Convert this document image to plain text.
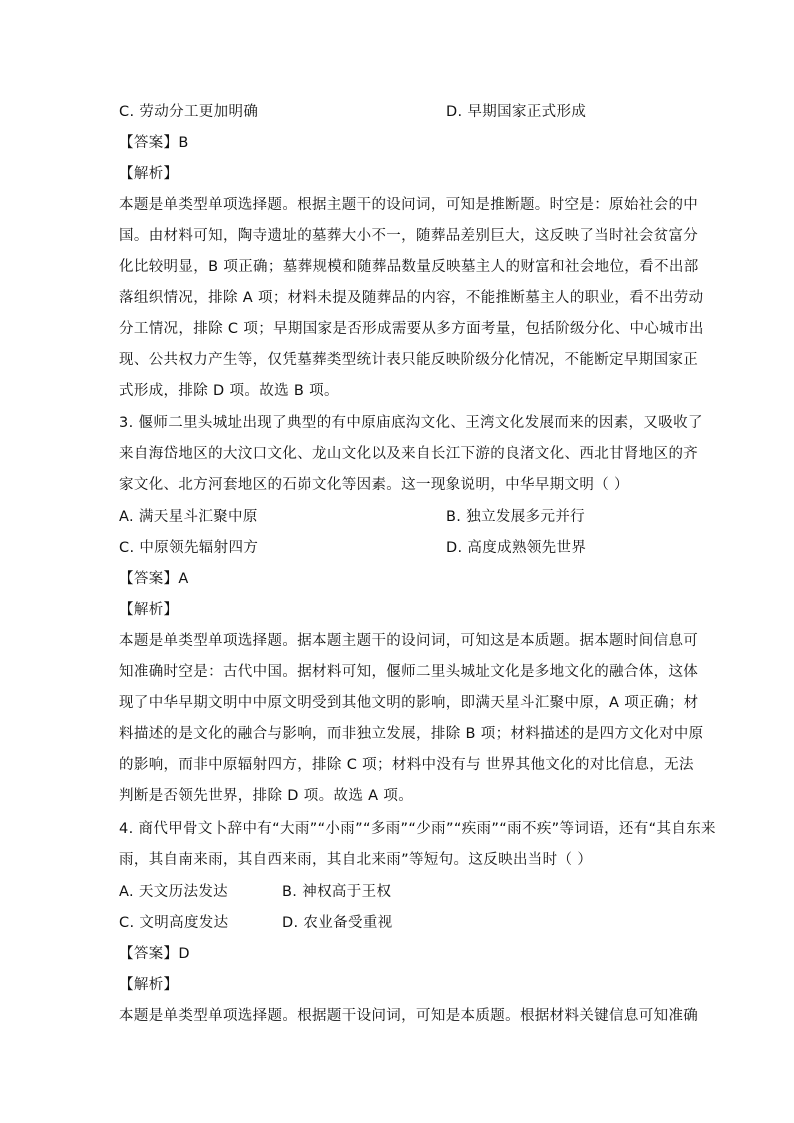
C. 劳动分工更加明确	D. 早期国家正式形成
【答案】B
【解析】
本题是单类型单项选择题。根据主题干的设问词，可知是推断题。时空是：原始社会的中
国。由材料可知，陶寺遗址的墓葬大小不一，随葬品差别巨大，这反映了当时社会贫富分
化比较明显，B 项正确；墓葬规模和随葬品数量反映墓主人的财富和社会地位，看不出部
落组织情况，排除 A 项；材料未提及随葬品的内容，不能推断墓主人的职业，看不出劳动
分工情况，排除 C 项；早期国家是否形成需要从多方面考量，包括阶级分化、中心城市出
现、公共权力产生等，仅凭墓葬类型统计表只能反映阶级分化情况，不能断定早期国家正
式形成，排除 D 项。故选 B 项。
3. 偃师二里头城址出现了典型的有中原庙底沟文化、王湾文化发展而来的因素，又吸收了
来自海岱地区的大汶口文化、龙山文化以及来自长江下游的良渚文化、西北甘肾地区的齐
家文化、北方河套地区的石峁文化等因素。这一现象说明，中华早期文明（ ）
A. 满天星斗汇聚中原	B. 独立发展多元并行
C. 中原领先辐射四方	D. 高度成熟领先世界
【答案】A
【解析】
本题是单类型单项选择题。据本题主题干的设问词，可知这是本质题。据本题时间信息可
知准确时空是：古代中国。据材料可知，偃师二里头城址文化是多地文化的融合体，这体
现了中华早期文明中中原文明受到其他文明的影响，即满天星斗汇聚中原，A 项正确；材
料描述的是文化的融合与影响，而非独立发展，排除 B 项；材料描述的是四方文化对中原
的影响，而非中原辐射四方，排除 C 项；材料中没有与 世界其他文化的对比信息，无法
判断是否领先世界，排除 D 项。故选 A 项。
4. 商代甲骨文卜辞中有“大雨”“小雨”“多雨”“少雨”“疾雨”“雨不疾”等词语，还有“其自东来
雨，其自南来雨，其自西来雨，其自北来雨”等短句。这反映出当时（ ）
A. 天文历法发达	B. 神权高于王权
C. 文明高度发达	D. 农业备受重视
【答案】D
【解析】
本题是单类型单项选择题。根据题干设问词，可知是本质题。根据材料关键信息可知准确
